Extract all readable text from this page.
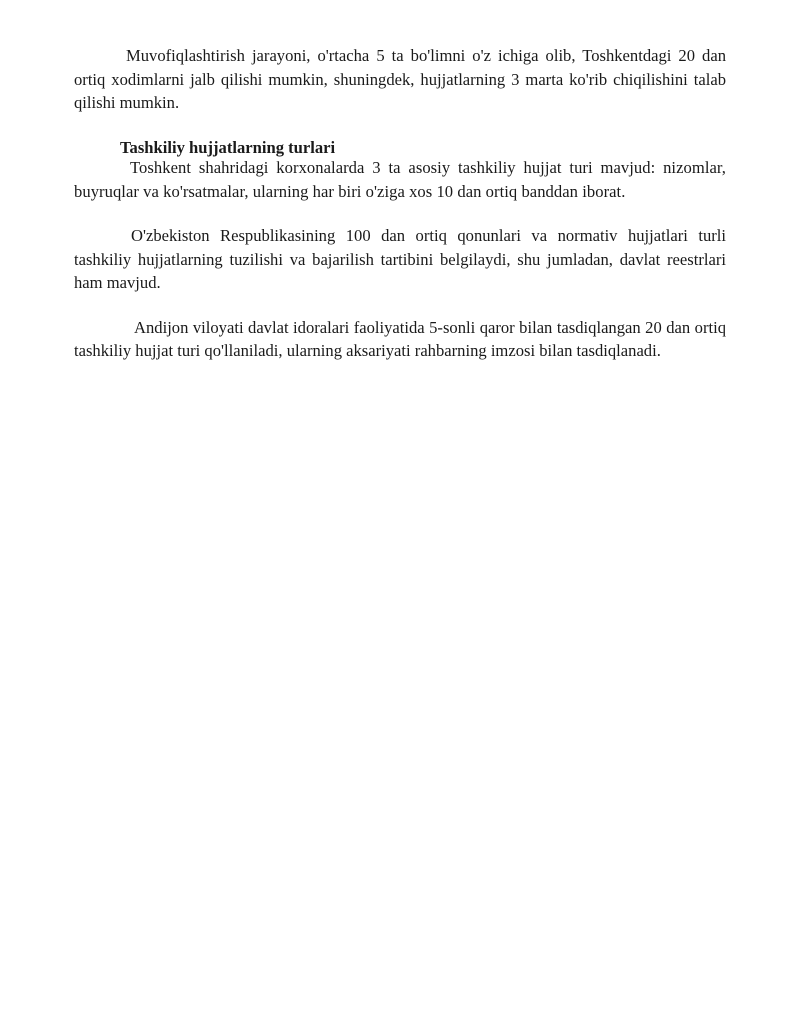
Muvofiqlashtirish jarayoni, o'rtacha 5 ta bo'limni o'z ichiga olib, Toshkentdagi 20 dan ortiq xodimlarni jalb qilishi mumkin, shuningdek, hujjatlarning 3 marta ko'rib chiqilishini talab qilishi mumkin.

Tashkiliy hujjatlarning turlari

Toshkent shahridagi korxonalarda 3 ta asosiy tashkiliy hujjat turi mavjud: nizomlar, buyruqlar va ko'rsatmalar, ularning har biri o'ziga xos 10 dan ortiq banddan iborat.

O'zbekiston Respublikasining 100 dan ortiq qonunlari va normativ hujjatlari turli tashkiliy hujjatlarning tuzilishi va bajarilish tartibini belgilaydi, shu jumladan, davlat reestrlari ham mavjud.

Andijon viloyati davlat idoralari faoliyatida 5-sonli qaror bilan tasdiqlangan 20 dan ortiq tashkiliy hujjat turi qo'llaniladi, ularning aksariyati rahbarning imzosi bilan tasdiqlanadi.
